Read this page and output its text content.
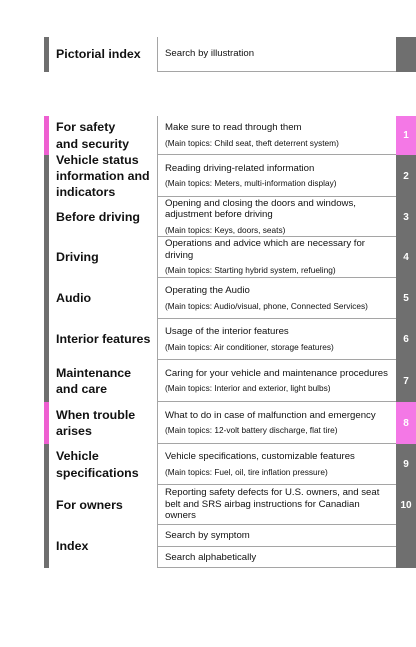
Pictorial index	Search by illustration
For safety
and security
Make sure to read through them
(Main topics: Child seat, theft deterrent system)
1
Vehicle status
information and
indicators
Reading driving-related information
(Main topics: Meters, multi-information display)
2
Before driving
Opening and closing the doors and windows, adjustment before driving
(Main topics: Keys, doors, seats)
3
Driving
Operations and advice which are necessary for driving
(Main topics: Starting hybrid system, refueling)
4
Audio
Operating the Audio
(Main topics: Audio/visual, phone, Connected Services)
5
Interior features
Usage of the interior features
(Main topics: Air conditioner, storage features)
6
Maintenance
and care
Caring for your vehicle and maintenance procedures
(Main topics: Interior and exterior, light bulbs)
7
When trouble
arises
What to do in case of malfunction and emergency
(Main topics: 12-volt battery discharge, flat tire)
8
Vehicle
specifications
Vehicle specifications, customizable features
(Main topics: Fuel, oil, tire inflation pressure)
9
For owners
Reporting safety defects for U.S. owners, and seat belt and SRS airbag instructions for Canadian owners
10
Index
Search by symptom
Search alphabetically
